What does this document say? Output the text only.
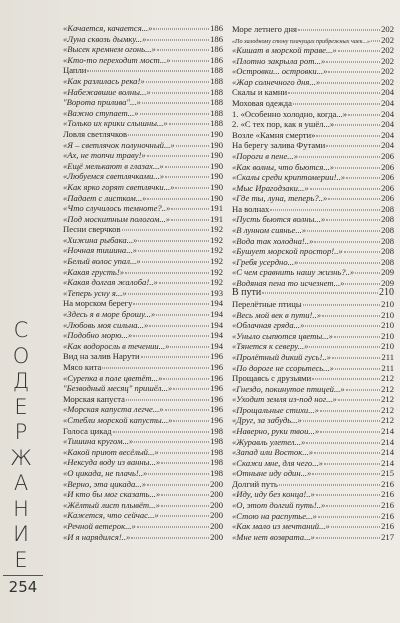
С
О
Д
Е
Р
Ж
А
Н
И
Е
254
«Качается, качается...»	186
«Луна сквозь дымку...»	186
«Высек кремнем огонь...»	186
«Кто-то переходит мост...»	186
Цапли	188
«Как разлилась река!»	188
«Набежавшие волны...»	188
"Ворота прилива"...»	188
«Важно ступает...»	188
«Только их крики слышны...»	188
Ловля светлячков	190
«Я – светлячок полуночный...»	190
«Ах, не топчи траву!»	190
«Ещё мелькают в глазах...»	190
«Любуемся светлячками...»	190
«Как ярко горят светлячки...»	190
«Падает с листком...»	190
«Что случилось темноте?..»	191
«Под москитным пологом...»	191
Песни сверчков	192
«Хижина рыбака...»	192
«Ночная тишина...»	192
«Белый волос упал...»	192
«Какая грусть!»	192
«Какая долгая жалоба!..»	192
«Теперь усну я...»	193
На морском берегу	194
«Здесь я в море брошу...»	194
«Любовь моя сильна...»	194
«Подобно морю...»	194
«Как водоросль в течении...»	194
Вид на залив Нарути	196
Мясо кита	196
«Сурепка в поле цветёт...»	196
"Безводный месяц" пришёл...»	196
Морская капуста	196
«Морская капуста легче...»	196
«Стебли морской капусты...»	196
Голоса цикад	198
«Тишина кругом...»	198
«Какой приют весёлый...»	198
«Нексуда воду из ванны...»	198
«О цикада, не плачь!..»	198
«Верно, эта цикада...»	200
«И кто бы мог сказать...»	200
«Жёлтый лист плывёт...»	200
«Кажется, что сейчас...»	200
«Речной ветерок...»	200
«И я нарядился!..»	200
Море летнего дня	202
«По халодному стону плачущих прибрежных чаек...» 202
«Кишат в морской траве...»	202
«Плотно закрыла рот...»	202
«Островки... островки...»	202
«Жар солнечного дня...»	202
Скалы и камни	204
Моховая одежда	204
1. «Особенно холодно, когда...»	204
2. «С тех пор, как я ушёл...»	204
Возле «Камня смерти»	204
На берегу залива Футами	204
«Пороги в пене...»	206
«Как волны, что бьются...»	206
«Скалы среди криптомерии!..»	206
«Мыс Ирагодзаки...»	206
«Где ты, луна, теперь?..»	206
На волнах	208
«Пусть бьются волны...»	208
«В лунном сиянье...»	208
«Вода так холодна!..»	208
«Бушует морской простор!..»	208
«Гребя усердно...»	208
«С чем сравнить нашу жизнь?..»	209
«Водяная пена то исчезнет...»	209
В пути	210
Перелётные птицы	210
«Весь мой век в пути!..»	210
«Облачная гряда...»	210
«Уныло сыпются цветы...»	210
«Тянется к северу...»	210
«Пролётный дикий гусь!..»	211
«По дороге не ссорьтесь...»	211
Прощаясь с друзьями	212
«Гнездо, покинутое птицей...»	212
«Уходит земля из-под ног...»	212
«Прощальные стихи...»	212
«Друг, за забудь...»	212
«Наверно, руки твои...»	214
«Журавль улетел...»	214
«Запад или Восток...»	214
«Скажи мне, для чего...»	214
«Отныне иду один...»	215
Долгий путь	216
«Иду, иду без конца!..»	216
«О, этот долгий путь!..»	216
«Стою на распутье...»	216
«Как мало из мечтаний...»	216
«Мне нет возврата...»	217
